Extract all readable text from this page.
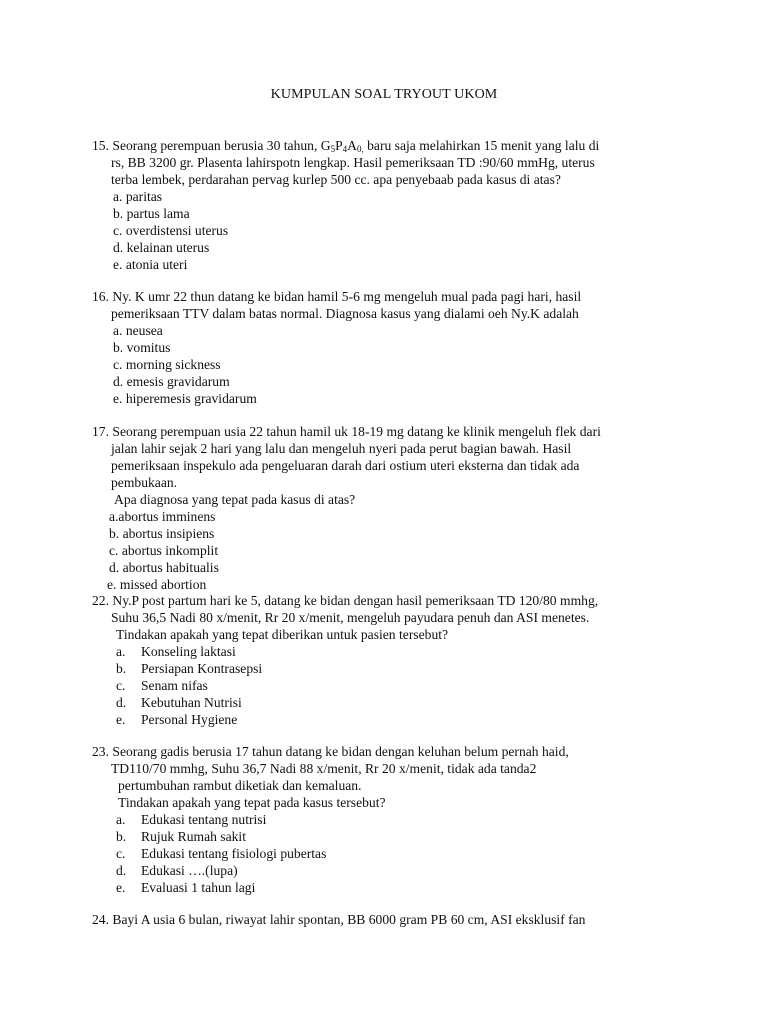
KUMPULAN SOAL TRYOUT UKOM
15. Seorang perempuan berusia 30 tahun, $G_5P_4A_{0,}$ baru saja melahirkan 15 menit yang lalu di
rs, BB 3200 gr. Plasenta lahirspotn lengkap. Hasil pemeriksaan TD :90/60 mmHg, uterus
terba lembek, perdarahan pervag kurlep 500 cc. apa penyebaab pada kasus di atas?
a. paritas
b. partus lama
c. overdistensi uterus
d. kelainan uterus
e. atonia uteri
16. Ny. K umr 22 thun datang ke bidan hamil 5-6 mg mengeluh mual pada pagi hari, hasil
pemeriksaan TTV dalam batas normal. Diagnosa kasus yang dialami oeh Ny.K adalah
a. neusea
b. vomitus
c. morning sickness
d. emesis gravidarum
e. hiperemesis gravidarum
17. Seorang perempuan usia 22 tahun hamil uk 18-19 mg datang ke klinik mengeluh flek dari
jalan lahir sejak 2 hari yang lalu dan mengeluh nyeri pada perut bagian bawah. Hasil
pemeriksaan inspekulo ada pengeluaran darah dari ostium uteri eksterna dan tidak ada
pembukaan.
Apa diagnosa yang tepat pada kasus di atas?
a.abortus imminens
b. abortus insipiens
c. abortus inkomplit
d. abortus habitualis
e. missed abortion
22. Ny.P post partum hari ke 5, datang ke bidan dengan hasil pemeriksaan TD 120/80 mmhg,
Suhu 36,5 Nadi 80 x/menit, Rr 20 x/menit, mengeluh payudara penuh dan ASI menetes.
Tindakan apakah yang tepat diberikan untuk pasien tersebut?
a. Konseling laktasi
b. Persiapan Kontrasepsi
c. Senam nifas
d. Kebutuhan Nutrisi
e. Personal Hygiene
23. Seorang gadis berusia 17 tahun datang ke bidan dengan keluhan belum pernah haid,
TD110/70 mmhg, Suhu 36,7 Nadi 88 x/menit, Rr 20 x/menit, tidak ada tanda2
pertumbuhan rambut diketiak dan kemaluan.
Tindakan apakah yang tepat pada kasus tersebut?
a. Edukasi tentang nutrisi
b. Rujuk Rumah sakit
c. Edukasi tentang fisiologi pubertas
d. Edukasi ….(lupa)
e. Evaluasi 1 tahun lagi
24. Bayi A usia 6 bulan, riwayat lahir spontan, BB 6000 gram PB 60 cm, ASI eksklusif fan
